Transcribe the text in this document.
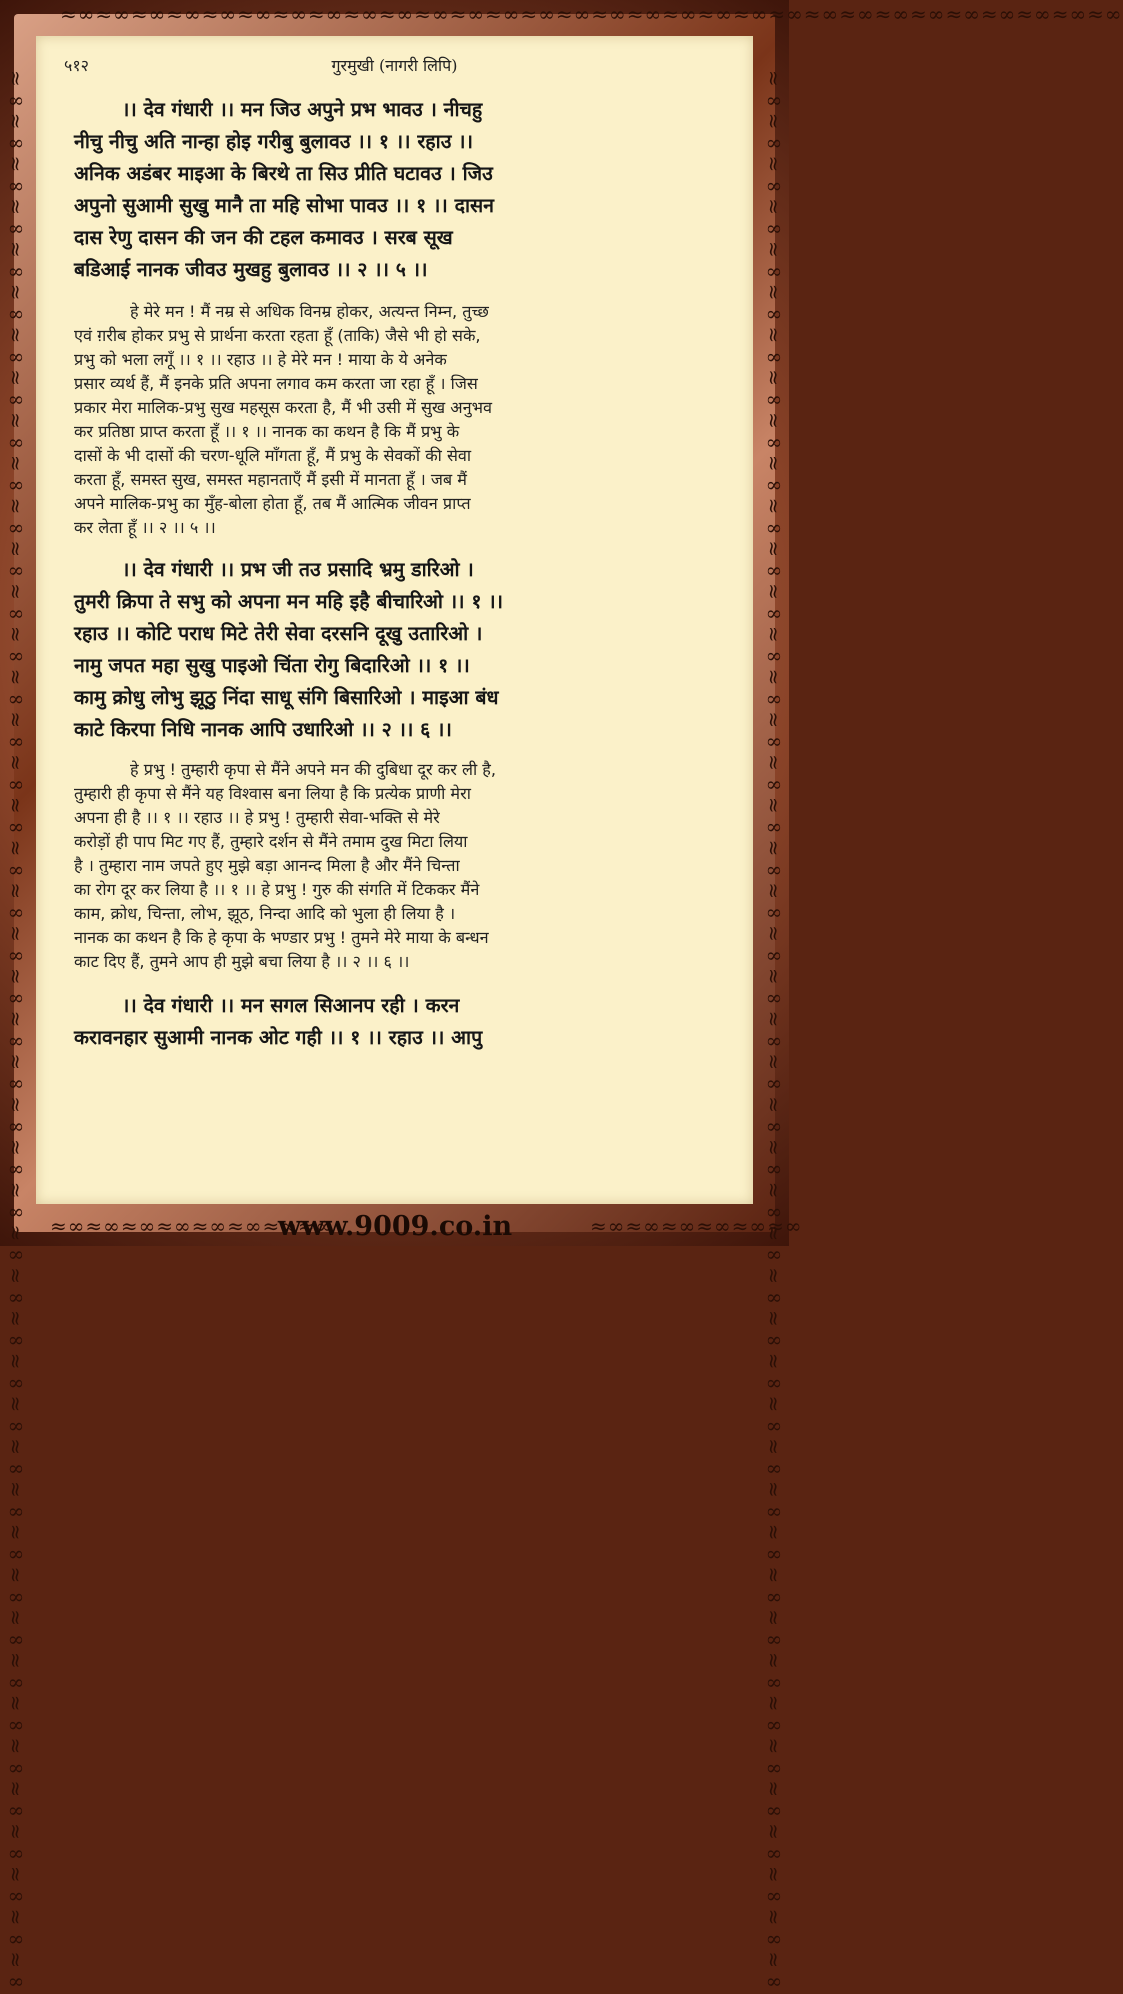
≈∞≈∞≈∞≈∞≈∞≈∞≈∞≈∞≈∞≈∞≈∞≈∞≈∞≈∞≈∞≈∞≈∞≈∞≈∞≈∞≈∞≈∞≈∞≈∞≈∞≈∞≈∞≈∞≈∞≈∞
≈∞≈∞≈∞≈∞≈∞≈∞≈∞≈∞	≈∞≈∞≈∞≈∞≈∞≈∞
≈∞≈∞≈∞≈∞≈∞≈∞≈∞≈∞≈∞≈∞≈∞≈∞≈∞≈∞≈∞≈∞≈∞≈∞≈∞≈∞≈∞≈∞≈∞≈∞≈∞≈∞≈∞≈∞≈∞≈∞≈∞≈∞≈∞≈∞≈∞≈∞≈∞≈∞≈∞≈∞≈∞≈∞≈∞≈∞≈∞	≈∞≈∞≈∞≈∞≈∞≈∞≈∞≈∞≈∞≈∞≈∞≈∞≈∞≈∞≈∞≈∞≈∞≈∞≈∞≈∞≈∞≈∞≈∞≈∞≈∞≈∞≈∞≈∞≈∞≈∞≈∞≈∞≈∞≈∞≈∞≈∞≈∞≈∞≈∞≈∞≈∞≈∞≈∞≈∞≈∞
www.9009.co.in
५१२	गुरमुखी (नागरी लिपि)
।। देव गंधारी ।। मन जिउ अपुने प्रभ भावउ । नीचहु
नीचु नीचु अति नान्हा होइ गरीबु बुलावउ ।। १ ।। रहाउ ।।
अनिक अडंबर माइआ के बिरथे ता सिउ प्रीति घटावउ । जिउ
अपुनो सुआमी सुखु मानै ता महि सोभा पावउ ।। १ ।। दासन
दास रेणु दासन की जन की टहल कमावउ । सरब सूख
बडिआई नानक जीवउ मुखहु बुलावउ ।। २ ।। ५ ।।
हे मेरे मन ! मैं नम्र से अधिक विनम्र होकर, अत्यन्त निम्न, तुच्छ
एवं ग़रीब होकर प्रभु से प्रार्थना करता रहता हूँ (ताकि) जैसे भी हो सके,
प्रभु को भला लगूँ ।। १ ।। रहाउ ।। हे मेरे मन ! माया के ये अनेक
प्रसार व्यर्थ हैं, मैं इनके प्रति अपना लगाव कम करता जा रहा हूँ । जिस
प्रकार मेरा मालिक-प्रभु सुख महसूस करता है, मैं भी उसी में सुख अनुभव
कर प्रतिष्ठा प्राप्त करता हूँ ।। १ ।। नानक का कथन है कि मैं प्रभु के
दासों के भी दासों की चरण-धूलि माँगता हूँ, मैं प्रभु के सेवकों की सेवा
करता हूँ, समस्त सुख, समस्त महानताएँ मैं इसी में मानता हूँ । जब मैं
अपने मालिक-प्रभु का मुँह-बोला होता हूँ, तब मैं आत्मिक जीवन प्राप्त
कर लेता हूँ ।। २ ।। ५ ।।
।। देव गंधारी ।। प्रभ जी तउ प्रसादि भ्रमु डारिओ ।
तुमरी क्रिपा ते सभु को अपना मन महि इहै बीचारिओ ।। १ ।।
रहाउ ।। कोटि पराध मिटे तेरी सेवा दरसनि दूखु उतारिओ ।
नामु जपत महा सुखु पाइओ चिंता रोगु बिदारिओ ।। १ ।।
कामु क्रोधु लोभु झूठु निंदा साधू संगि बिसारिओ । माइआ बंध
काटे किरपा निधि नानक आपि उधारिओ ।। २ ।। ६ ।।
हे प्रभु ! तुम्हारी कृपा से मैंने अपने मन की दुबिधा दूर कर ली है,
तुम्हारी ही कृपा से मैंने यह विश्वास बना लिया है कि प्रत्येक प्राणी मेरा
अपना ही है ।। १ ।। रहाउ ।। हे प्रभु ! तुम्हारी सेवा-भक्ति से मेरे
करोड़ों ही पाप मिट गए हैं, तुम्हारे दर्शन से मैंने तमाम दुख मिटा लिया
है । तुम्हारा नाम जपते हुए मुझे बड़ा आनन्द मिला है और मैंने चिन्ता
का रोग दूर कर लिया है ।। १ ।। हे प्रभु ! गुरु की संगति में टिककर मैंने
काम, क्रोध, चिन्ता, लोभ, झूठ, निन्दा आदि को भुला ही लिया है ।
नानक का कथन है कि हे कृपा के भण्डार प्रभु ! तुमने मेरे माया के बन्धन
काट दिए हैं, तुमने आप ही मुझे बचा लिया है ।। २ ।। ६ ।।
।। देव गंधारी ।। मन सगल सिआनप रही । करन
करावनहार सुआमी नानक ओट गही ।। १ ।। रहाउ ।। आपु
